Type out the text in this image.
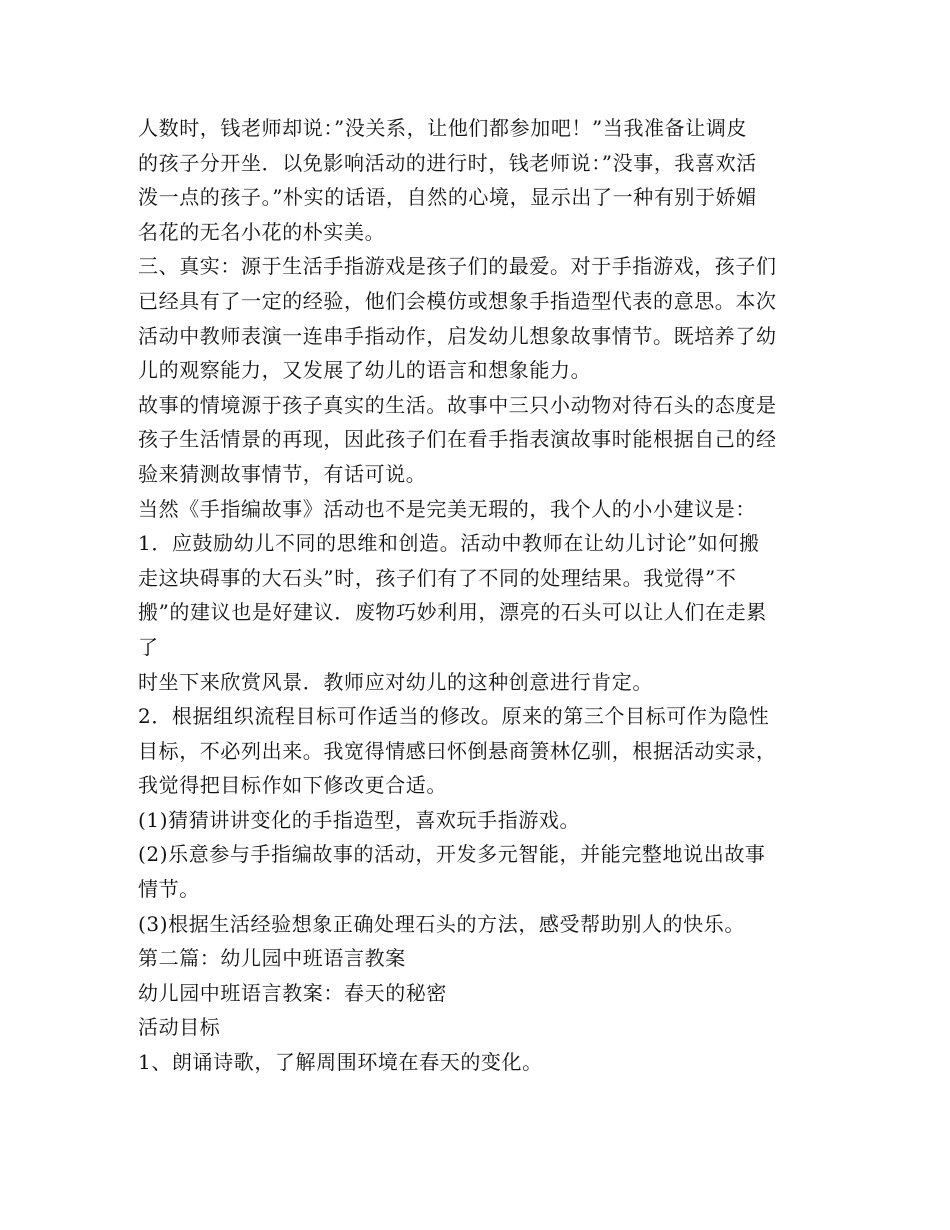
人数时，钱老师却说：”没关系，让他们都参加吧！”当我准备让调皮
的孩子分开坐．以免影响活动的进行时，钱老师说：”没事，我喜欢活
泼一点的孩子。”朴实的话语，自然的心境，显示出了一种有别于娇媚
名花的无名小花的朴实美。
三、真实：源于生活手指游戏是孩子们的最爱。对于手指游戏，孩子们
已经具有了一定的经验，他们会模仿或想象手指造型代表的意思。本次
活动中教师表演一连串手指动作，启发幼儿想象故事情节。既培养了幼
儿的观察能力，又发展了幼儿的语言和想象能力。
故事的情境源于孩子真实的生活。故事中三只小动物对待石头的态度是
孩子生活情景的再现，因此孩子们在看手指表演故事时能根据自己的经
验来猜测故事情节，有话可说。
当然《手指编故事》活动也不是完美无瑕的，我个人的小小建议是：
1．应鼓励幼儿不同的思维和创造。活动中教师在让幼儿讨论”如何搬
走这块碍事的大石头”时，孩子们有了不同的处理结果。我觉得”不
搬”的建议也是好建议．废物巧妙利用，漂亮的石头可以让人们在走累
了
时坐下来欣赏风景．教师应对幼儿的这种创意进行肯定。
2．根据组织流程目标可作适当的修改。原来的第三个目标可作为隐性
目标，不必列出来。我宽得情感曰怀倒悬商箦林亿驯，根据活动实录，
我觉得把目标作如下修改更合适。
(1)猜猜讲讲变化的手指造型，喜欢玩手指游戏。
(2)乐意参与手指编故事的活动，开发多元智能，并能完整地说出故事
情节。
(3)根据生活经验想象正确处理石头的方法，感受帮助别人的快乐。
第二篇：幼儿园中班语言教案
幼儿园中班语言教案：春天的秘密
活动目标
1、朗诵诗歌，了解周围环境在春天的变化。
